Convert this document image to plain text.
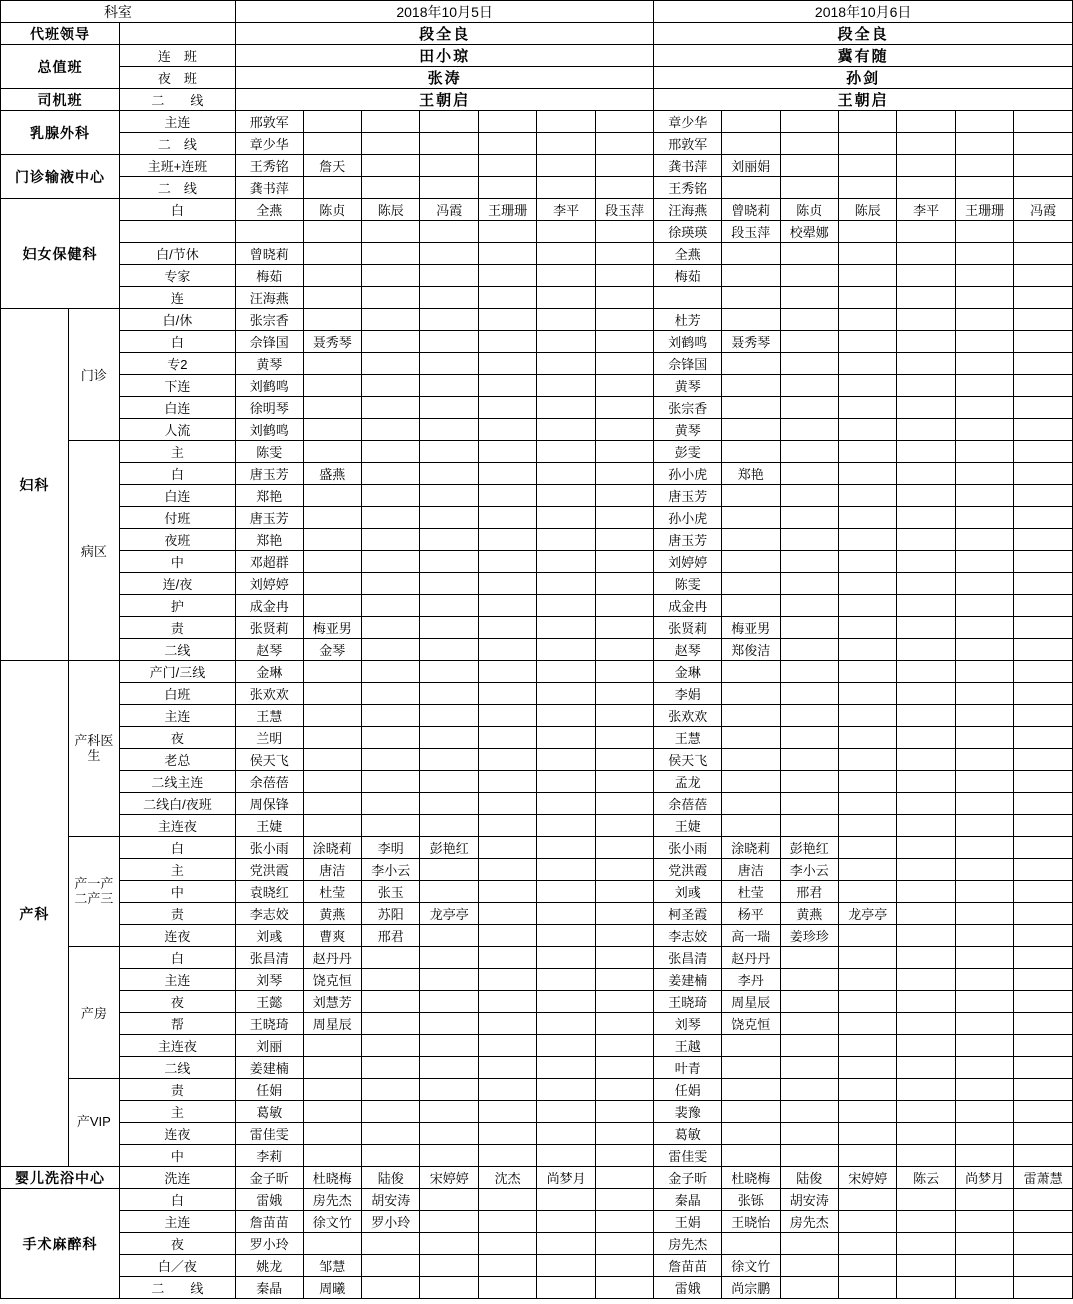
科室			2018年10月5日							2018年10月6日						
代班领导			段全良							段全良						
总值班		连　班	田小琼							冀有随						
		夜　班	张涛							孙剑						
司机班		二　　线	王朝启							王朝启						
乳腺外科		主连	邢敦军							章少华						
		二　线	章少华							邢敦军						
门诊输液中心		主班+连班	王秀铭	詹天						龚书萍	刘丽娟					
		二　线	龚书萍							王秀铭						
妇女保健科		白	全燕	陈贞	陈辰	冯霞	王珊珊	李平	段玉萍	汪海燕	曾晓莉	陈贞	陈辰	李平	王珊珊	冯霞
										徐瑛瑛	段玉萍	校翚娜				
		白/节休	曾晓莉							全燕						
		专家	梅茹							梅茹						
		连	汪海燕													
妇科	门诊	白/休	张宗香							杜芳						
		白	佘锋国	聂秀琴						刘鹤鸣	聂秀琴					
		专2	黄琴							佘锋国						
		下连	刘鹤鸣							黄琴						
		白连	徐明琴							张宗香						
		人流	刘鹤鸣							黄琴						
	病区	主	陈雯							彭雯						
		白	唐玉芳	盛燕						孙小虎	郑艳					
		白连	郑艳							唐玉芳						
		付班	唐玉芳							孙小虎						
		夜班	郑艳							唐玉芳						
		中	邓超群							刘婷婷						
		连/夜	刘婷婷							陈雯						
		护	成金冉							成金冉						
		责	张贤莉	梅亚男						张贤莉	梅亚男					
		二线	赵琴	金琴						赵琴	郑俊洁					
产科	产科医生	产门/三线	金琳							金琳						
		白班	张欢欢							李娟						
		主连	王慧							张欢欢						
		夜	兰明							王慧						
		老总	侯天飞							侯天飞						
		二线主连	余蓓蓓							孟龙						
		二线白/夜班	周保锋							余蓓蓓						
		主连夜	王婕							王婕						
	产一产二产三	白	张小雨	涂晓莉	李明	彭艳红				张小雨	涂晓莉	彭艳红				
		主	党洪霞	唐洁	李小云					党洪霞	唐洁	李小云				
		中	袁晓红	杜莹	张玉					刘彧	杜莹	邢君				
		责	李志姣	黄燕	苏阳	龙亭亭				柯圣霞	杨平	黄燕	龙亭亭			
		连夜	刘彧	曹爽	邢君					李志姣	高一瑞	姜珍珍				
	产房	白	张昌清	赵丹丹						张昌清	赵丹丹					
		主连	刘琴	饶克恒						姜建楠	李丹					
		夜	王懿	刘慧芳						王晓琦	周星辰					
		帮	王晓琦	周星辰						刘琴	饶克恒					
		主连夜	刘丽							王越						
		二线	姜建楠							叶青						
	产VIP	责	任娟							任娟						
		主	葛敏							裴豫						
		连夜	雷佳雯							葛敏						
		中	李莉							雷佳雯						
婴儿洗浴中心		洗连	金子昕	杜晓梅	陆俊	宋婷婷	沈杰	尚梦月		金子昕	杜晓梅	陆俊	宋婷婷	陈云	尚梦月	雷萧慧
手术麻醉科		白	雷娥	房先杰	胡安涛					秦晶	张铄	胡安涛				
		主连	詹苗苗	徐文竹	罗小玲					王娟	王晓怡	房先杰				
		夜	罗小玲							房先杰						
		白／夜	姚龙	邹慧						詹苗苗	徐文竹					
		二　　线	秦晶	周曦						雷娥	尚宗鹏					
